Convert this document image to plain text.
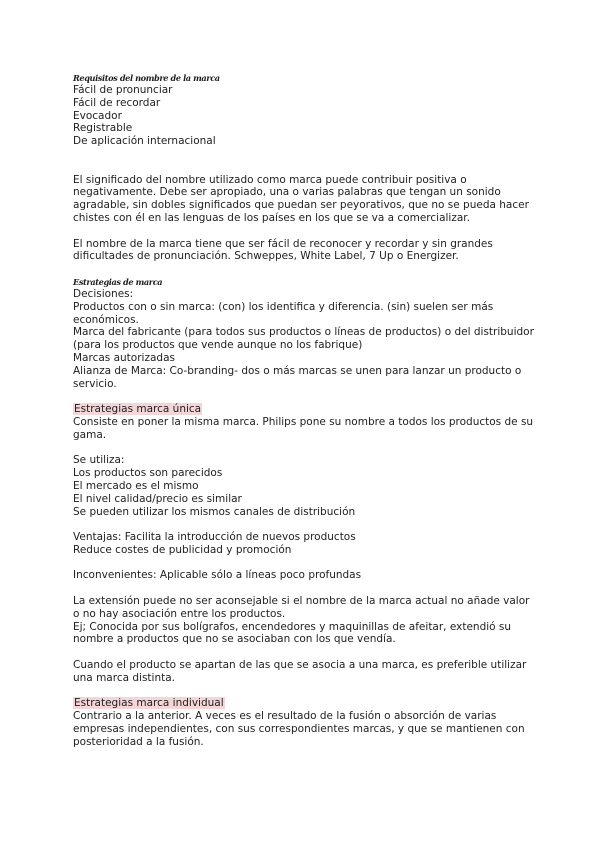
Requisitos del nombre de la marca
Fácil de pronunciar
Fácil de recordar
Evocador
Registrable
De aplicación internacional
El significado del nombre utilizado como marca puede contribuir positiva o negativamente. Debe ser apropiado, una o varias palabras que tengan un sonido agradable, sin dobles significados que puedan ser peyorativos, que no se pueda hacer chistes con él en las lenguas de los países en los que se va a comercializar.
El nombre de la marca tiene que ser fácil de reconocer y recordar y sin grandes dificultades de pronunciación. Schweppes, White Label, 7 Up o Energizer.
Estrategias de marca
Decisiones:
Productos con o sin marca: (con) los identifica y diferencia. (sin) suelen ser más económicos.
Marca del fabricante (para todos sus productos o líneas de productos) o del distribuidor (para los productos que vende aunque no los fabrique)
Marcas autorizadas
Alianza de Marca: Co-branding- dos o más marcas se unen para lanzar un producto o servicio.
Estrategias marca única
Consiste en poner la misma marca. Philips pone su nombre a todos los productos de su gama.
Se utiliza:
Los productos son parecidos
El mercado es el mismo
El nivel calidad/precio es similar
Se pueden utilizar los mismos canales de distribución
Ventajas: Facilita la introducción de nuevos productos
Reduce costes de publicidad y promoción
Inconvenientes: Aplicable sólo a líneas poco profundas
La extensión puede no ser aconsejable si el nombre de la marca actual no añade valor o no hay asociación entre los productos.
Ej; Conocida por sus bolígrafos, encendedores y maquinillas de afeitar, extendió su nombre a productos que no se asociaban con los que vendía.
Cuando el producto se apartan de las que se asocia a una marca, es preferible utilizar una marca distinta.
Estrategias marca individual
Contrario a la anterior. A veces es el resultado de la fusión o absorción de varias empresas independientes, con sus correspondientes marcas, y que se mantienen con posterioridad a la fusión.
